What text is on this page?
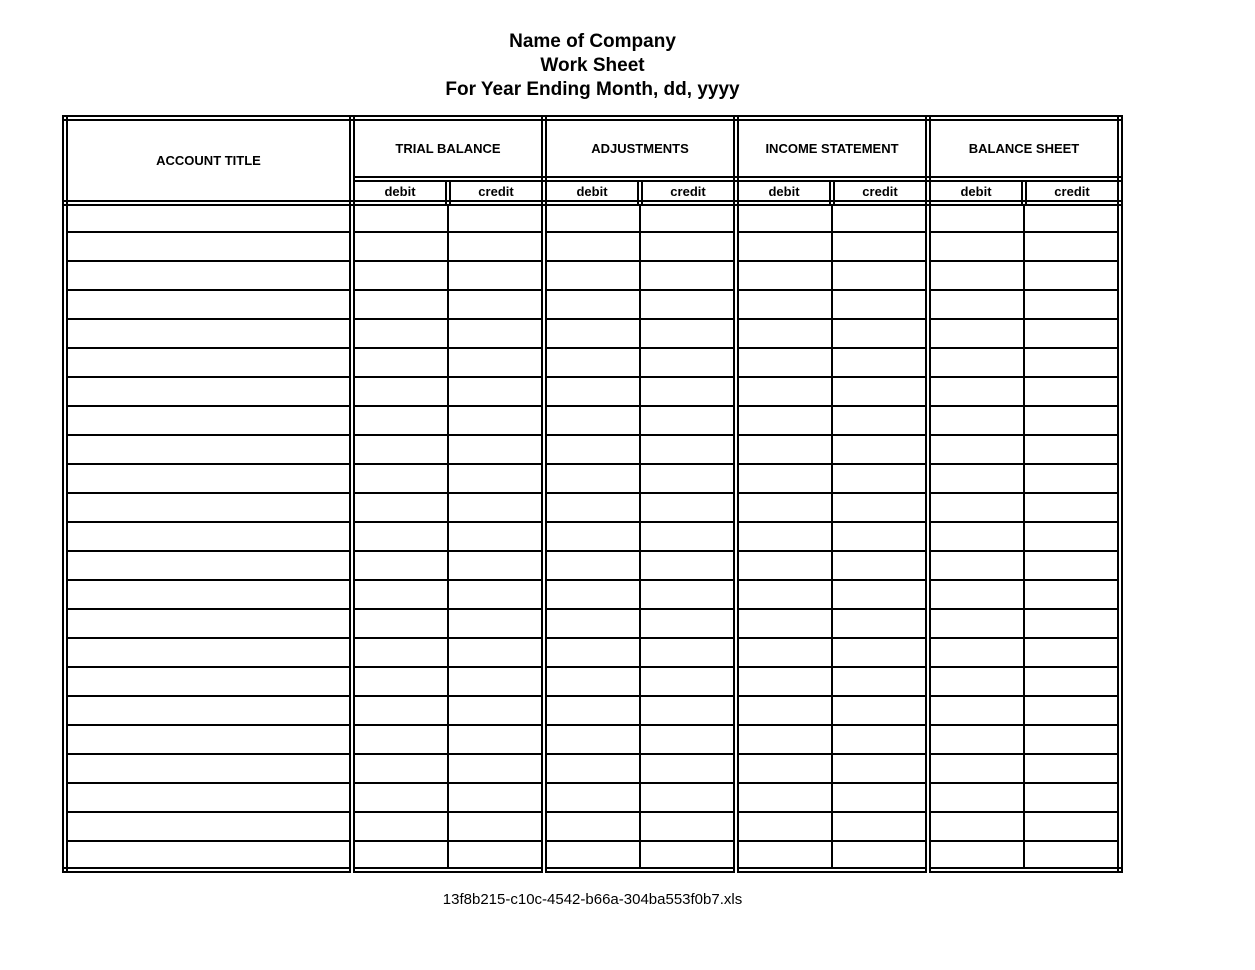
Name of Company
Work Sheet
For Year Ending Month, dd, yyyy
ACCOUNT TITLE	TRIAL BALANCE		ADJUSTMENTS		INCOME STATEMENT		BALANCE SHEET	
	debit	credit	debit	credit	debit	credit	debit	credit

13f8b215-c10c-4542-b66a-304ba553f0b7.xls
